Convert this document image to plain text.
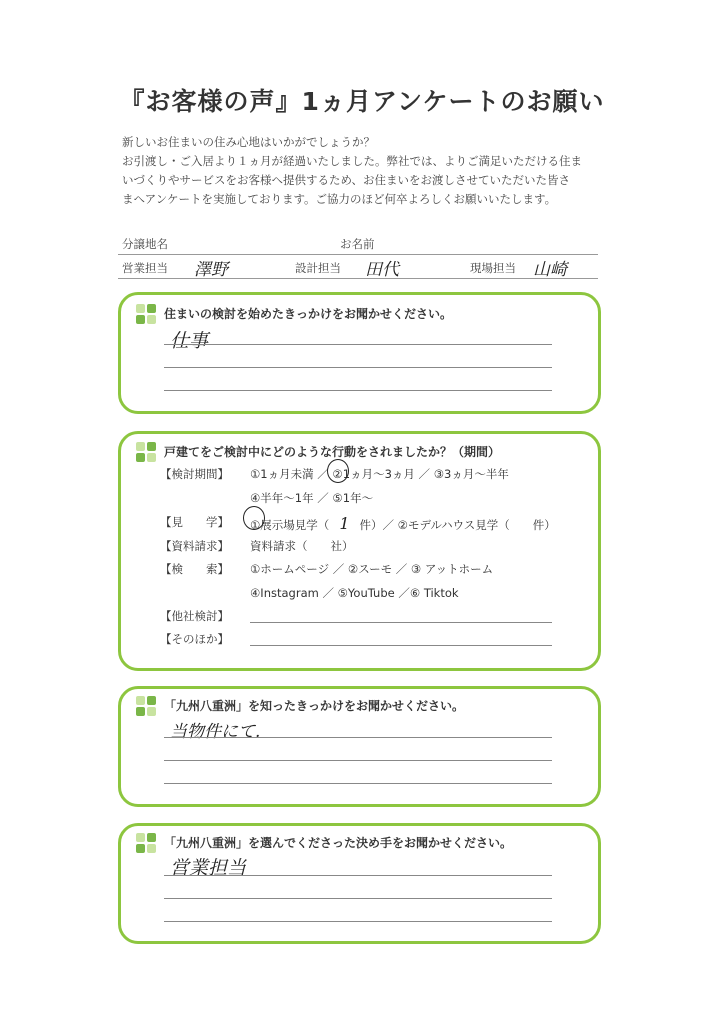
『お客様の声』1ヵ月アンケートのお願い
新しいお住まいの住み心地はいかがでしょうか？
お引渡し・ご入居より１ヵ月が経過いたしました。弊社では、よりご満足いただける住ま
いづくりやサービスをお客様へ提供するため、お住まいをお渡しさせていただいた皆さ
まへアンケートを実施しております。ご協力のほど何卒よろしくお願いいたします。
分譲地名	お名前
営業担当 澤野	設計担当 田代	現場担当 山崎
住まいの検討を始めたきっかけをお聞かせください。
仕事
戸建てをご検討中にどのような行動をされましたか？（期間）
【検討期間】 ①1ヵ月未満 ／ ②1ヵ月～3ヵ月 ／ ③3ヵ月～半年
④半年～1年 ／ ⑤1年～
【見　　学】 ①展示場見学（ 1 件）／ ②モデルハウス見学（　　件）
【資料請求】 資料請求（　　社）
【検　　索】 ①ホームページ ／ ②スーモ ／ ③ アットホーム
④Instagram ／ ⑤YouTube ／⑥ Tiktok
【他社検討】
【そのほか】
「九州八重洲」を知ったきっかけをお聞かせください。
当物件にて.
「九州八重洲」を選んでくださった決め手をお聞かせください。
営業担当
